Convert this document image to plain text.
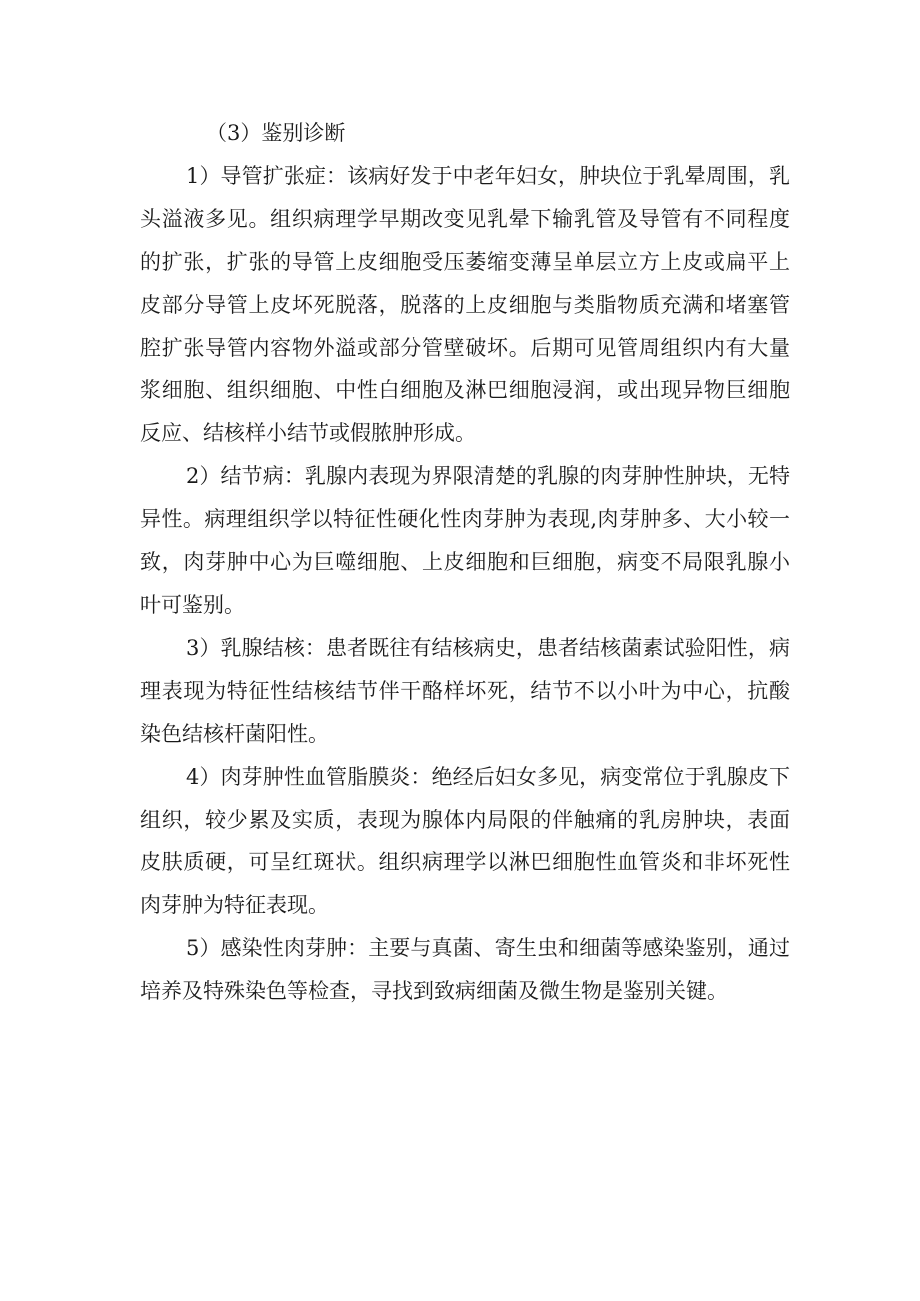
（3）鉴别诊断

1）导管扩张症：该病好发于中老年妇女，肿块位于乳晕周围，乳头溢液多见。组织病理学早期改变见乳晕下输乳管及导管有不同程度的扩张，扩张的导管上皮细胞受压萎缩变薄呈单层立方上皮或扁平上皮部分导管上皮坏死脱落，脱落的上皮细胞与类脂物质充满和堵塞管腔扩张导管内容物外溢或部分管壁破坏。后期可见管周组织内有大量浆细胞、组织细胞、中性白细胞及淋巴细胞浸润，或出现异物巨细胞反应、结核样小结节或假脓肿形成。

2）结节病：乳腺内表现为界限清楚的乳腺的肉芽肿性肿块，无特异性。病理组织学以特征性硬化性肉芽肿为表现,肉芽肿多、大小较一致，肉芽肿中心为巨噬细胞、上皮细胞和巨细胞，病变不局限乳腺小叶可鉴别。

3）乳腺结核：患者既往有结核病史，患者结核菌素试验阳性，病理表现为特征性结核结节伴干酪样坏死，结节不以小叶为中心，抗酸染色结核杆菌阳性。

4）肉芽肿性血管脂膜炎：绝经后妇女多见，病变常位于乳腺皮下组织，较少累及实质，表现为腺体内局限的伴触痛的乳房肿块，表面皮肤质硬，可呈红斑状。组织病理学以淋巴细胞性血管炎和非坏死性肉芽肿为特征表现。

5）感染性肉芽肿：主要与真菌、寄生虫和细菌等感染鉴别，通过培养及特殊染色等检查，寻找到致病细菌及微生物是鉴别关键。
